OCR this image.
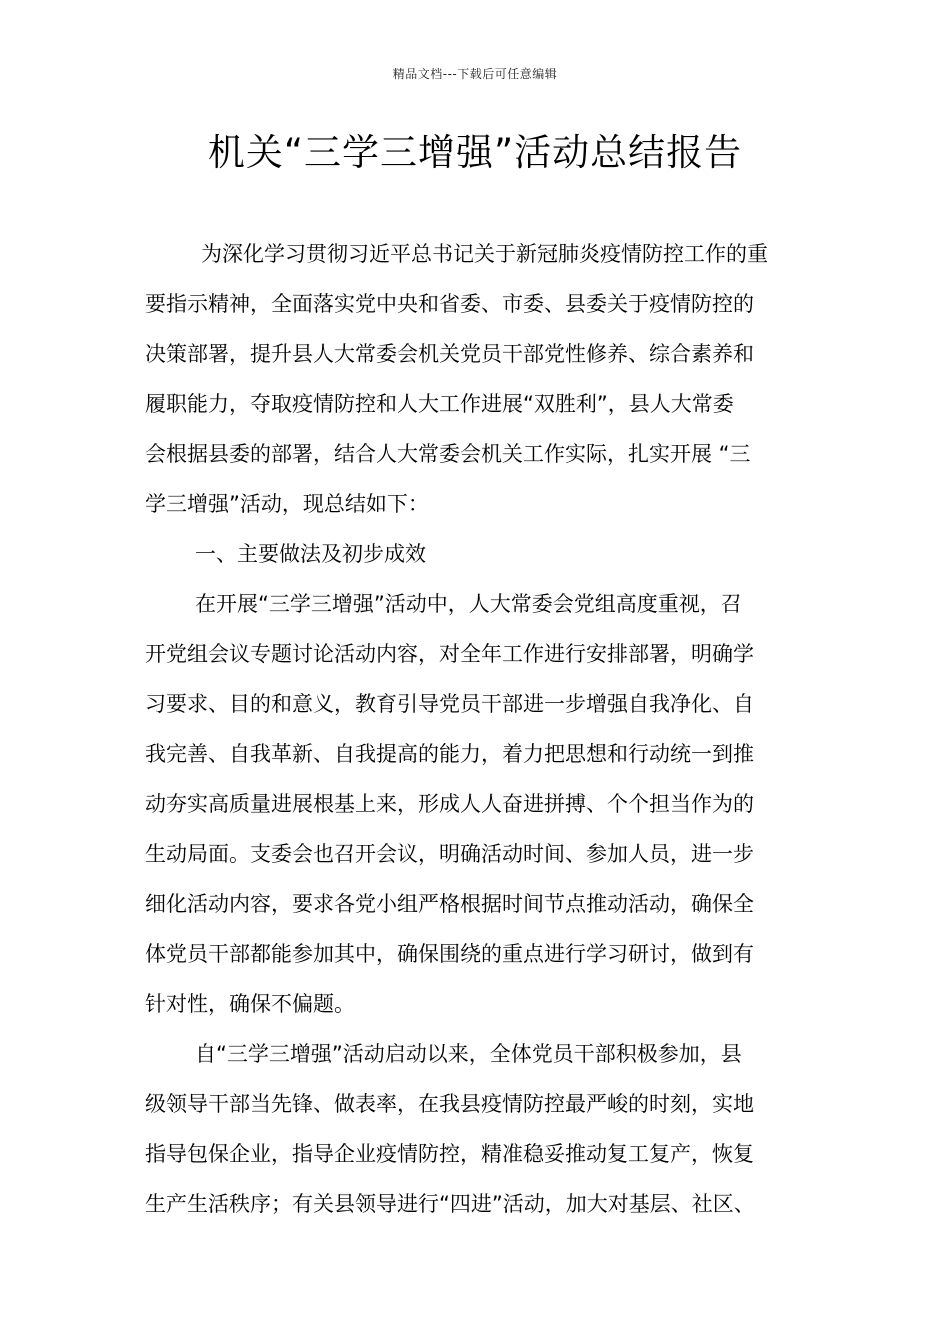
精品文档---下载后可任意编辑
机关“三学三增强”活动总结报告
为深化学习贯彻习近平总书记关于新冠肺炎疫情防控工作的重
要指示精神，全面落实党中央和省委、市委、县委关于疫情防控的
决策部署，提升县人大常委会机关党员干部党性修养、综合素养和
履职能力，夺取疫情防控和人大工作进展“双胜利”，县人大常委
会根据县委的部署，结合人大常委会机关工作实际，扎实开展 “三
学三增强”活动，现总结如下：
一、主要做法及初步成效
在开展“三学三增强”活动中，人大常委会党组高度重视，召
开党组会议专题讨论活动内容，对全年工作进行安排部署，明确学
习要求、目的和意义，教育引导党员干部进一步增强自我净化、自
我完善、自我革新、自我提高的能力，着力把思想和行动统一到推
动夯实高质量进展根基上来，形成人人奋进拼搏、个个担当作为的
生动局面。支委会也召开会议，明确活动时间、参加人员，进一步
细化活动内容，要求各党小组严格根据时间节点推动活动，确保全
体党员干部都能参加其中，确保围绕的重点进行学习研讨，做到有
针对性，确保不偏题。
自“三学三增强”活动启动以来，全体党员干部积极参加，县
级领导干部当先锋、做表率，在我县疫情防控最严峻的时刻，实地
指导包保企业，指导企业疫情防控，精准稳妥推动复工复产，恢复
生产生活秩序；有关县领导进行“四进”活动，加大对基层、社区、
